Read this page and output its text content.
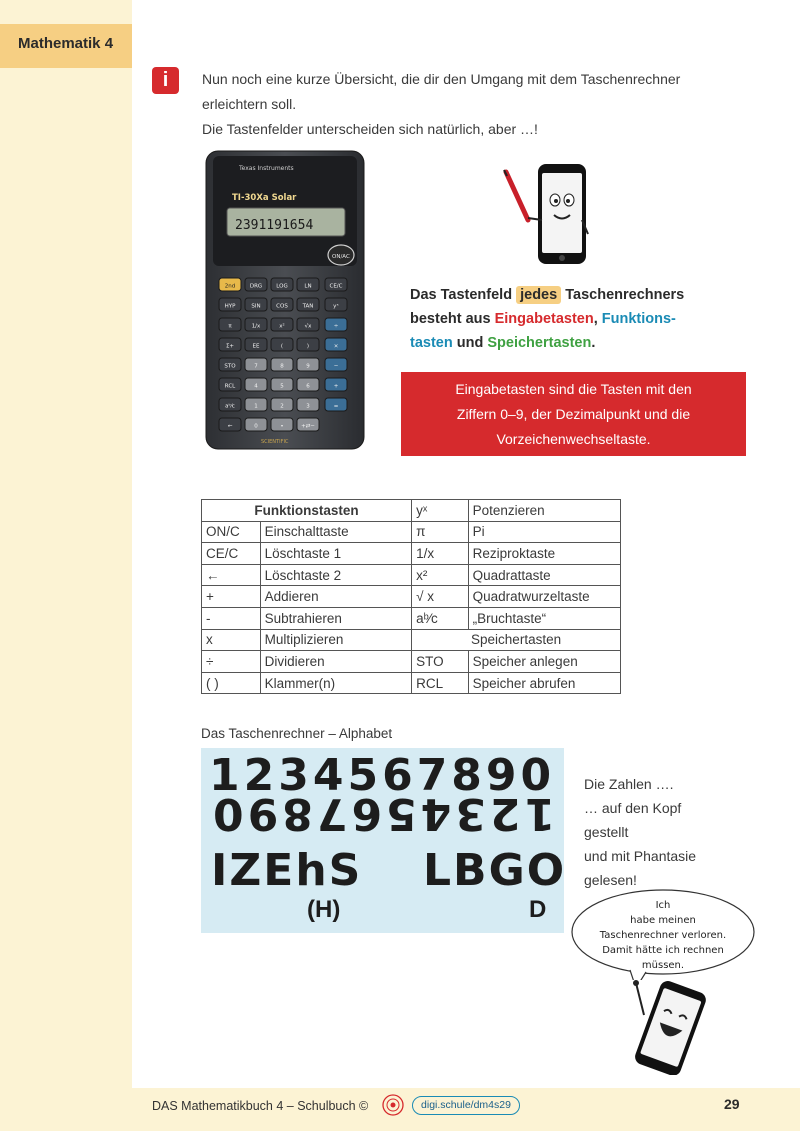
Mathematik 4
i	Nun noch eine kurze Übersicht, die dir den Umgang mit dem Taschenrechner
erleichtern soll.
Die Tastenfelder unterscheiden sich natürlich, aber …!
Texas Instruments
TI-30Xa Solar
2391191654
ON/AC
2nd	DRG	LOG	LN	CE/C
HYP	SIN	COS	TAN	yˣ
π	1/x	x²	√x	÷
Σ+	EE	(	)	×
STO	7	8	9	−
RCL	4	5	6	+
aᵇ⁄c	1	2	3	=
←	0	•	+⇄−
SCIENTIFIC
Das Tastenfeld jedes Taschenrechners
besteht aus Eingabetasten, Funktions-
tasten und Speichertasten.
Eingabetasten sind die Tasten mit den
Ziffern 0–9, der Dezimalpunkt und die
Vorzeichenwechseltaste.
Funktionstasten		yˣ	Potenzieren
ON/C	Einschalttaste	π	Pi
CE/C	Löschtaste 1	1/x	Reziproktaste
←	Löschtaste 2	x²	Quadrattaste
+	Addieren	√ x	Quadratwurzeltaste
-	Subtrahieren	aᵇ⁄c	„Bruchtaste“
x	Multiplizieren	Speichertasten	
÷	Dividieren	STO	Speicher anlegen
( )	Klammer(n)	RCL	Speicher abrufen
Das Taschenrechner – Alphabet
1234567890
1234567890
IZEhS LBGO
(H)	D
Die Zahlen ….
… auf den Kopf
gestellt
und mit Phantasie
gelesen!
Ich
habe meinen
Taschenrechner verloren.
Damit hätte ich rechnen
müssen.
DAS Mathematikbuch 4 – Schulbuch ©	digi.schule/dm4s29	29
